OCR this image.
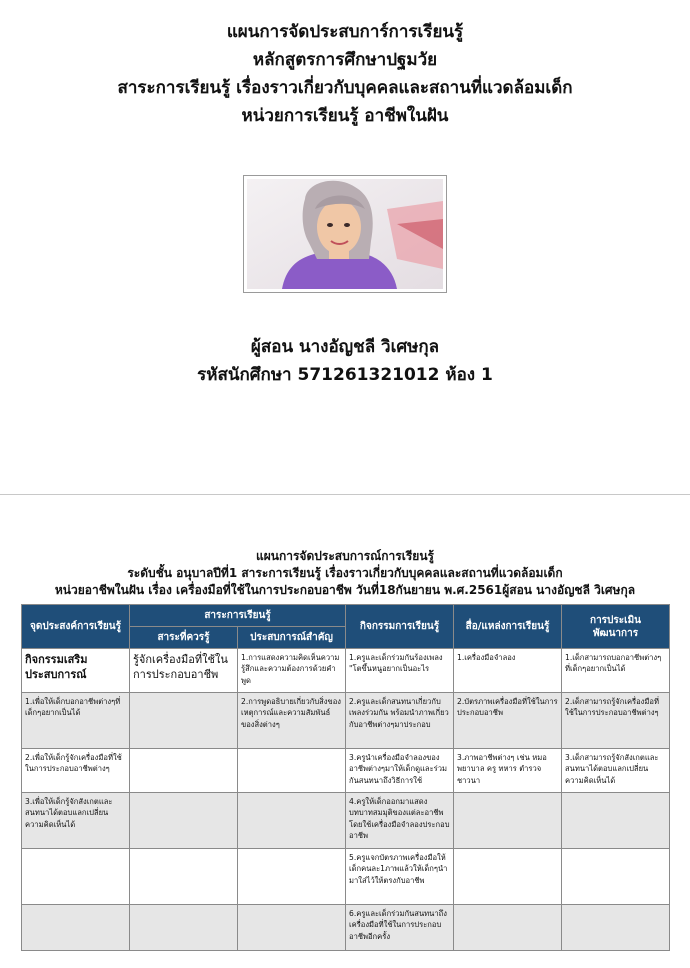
แผนการจัดประสบการ์การเรียนรู้
หลักสูตรการศึกษาปฐมวัย
สาระการเรียนรู้ เรื่องราวเกี่ยวกับบุคคลและสถานที่แวดล้อมเด็ก
หน่วยการเรียนรู้ อาชีพในฝัน
ผู้สอน นางอัญชลี วิเศษกุล
รหัสนักศึกษา 571261321012 ห้อง 1
แผนการจัดประสบการณ์การเรียนรู้
ระดับชั้น อนุบาลปีที่1 สาระการเรียนรู้ เรื่องราวเกี่ยวกับบุคคลและสถานที่แวดล้อมเด็ก
หน่วยอาชีพในฝัน เรื่อง เครื่องมือที่ใช้ในการประกอบอาชีพ วันที่18กันยายน พ.ศ.2561ผู้สอน นางอัญชลี วิเศษกุล
จุดประสงค์การเรียนรู้	สาระการเรียนรู้		กิจกรรมการเรียนรู้	สื่อ/แหล่งการเรียนรู้	การประเมิน
พัฒนาการ
	สาระที่ควรรู้	ประสบการณ์สำคัญ			
กิจกรรมเสริมประสบการณ์	รู้จักเครื่องมือที่ใช้ในการประกอบอาชีพ	1.การแสดงความคิดเห็นความรู้สึกและความต้องการด้วยคำพูด	1.ครูและเด็กร่วมกันร้องเพลง "โตขึ้นหนูอยากเป็นอะไร	1.เครื่องมือจำลอง	1.เด็กสามารถบอกอาชีพต่างๆที่เด็กๆอยากเป็นได้
1.เพื่อให้เด็กบอกอาชีพต่างๆที่เด็กๆอยากเป็นได้		2.การพูดอธิบายเกี่ยวกับสิ่งของเหตุการณ์และความสัมพันธ์ของสิ่งต่างๆ	2.ครูและเด็กสนทนาเกี่ยวกับเพลงร่วมกัน พร้อมนำภาพเกี่ยวกับอาชีพต่างๆมาประกอบ	2.บัตรภาพเครื่องมือที่ใช้ในการประกอบอาชีพ	2.เด็กสามารถรู้จักเครื่องมือที่ใช้ในการประกอบอาชีพต่างๆ
2.เพื่อให้เด็กรู้จักเครื่องมือที่ใช้ในการประกอบอาชีพต่างๆ			3.ครูนำเครื่องมือจำลองของอาชีพต่างๆมาให้เด็กดูและร่วมกันสนทนาถึงวิธีการใช้	3.ภาพอาชีพต่างๆ เช่น หมอ พยาบาล ครู ทหาร ตำรวจ ชาวนา	3.เด็กสามารถรู้จักสังเกตและสนทนาได้ตอบแลกเปลี่ยนความคิดเห็นได้
3.เพื่อให้เด็กรู้จักสังเกตและสนทนาได้ตอบแลกเปลี่ยนความคิดเห็นได้			4.ครูให้เด็กออกมาแสดงบทบาทสมมุติของแต่ละอาชีพโดยใช้เครื่องมือจำลองประกอบอาชีพ		
			5.ครูแจกบัตรภาพเครื่องมือให้เด็กคนละ1ภาพแล้วให้เด็กๆนำมาใส่ไว้ให้ตรงกับอาชีพ		
			6.ครูและเด็กร่วมกันสนทนาถึงเครื่องมือที่ใช้ในการประกอบอาชีพอีกครั้ง		
